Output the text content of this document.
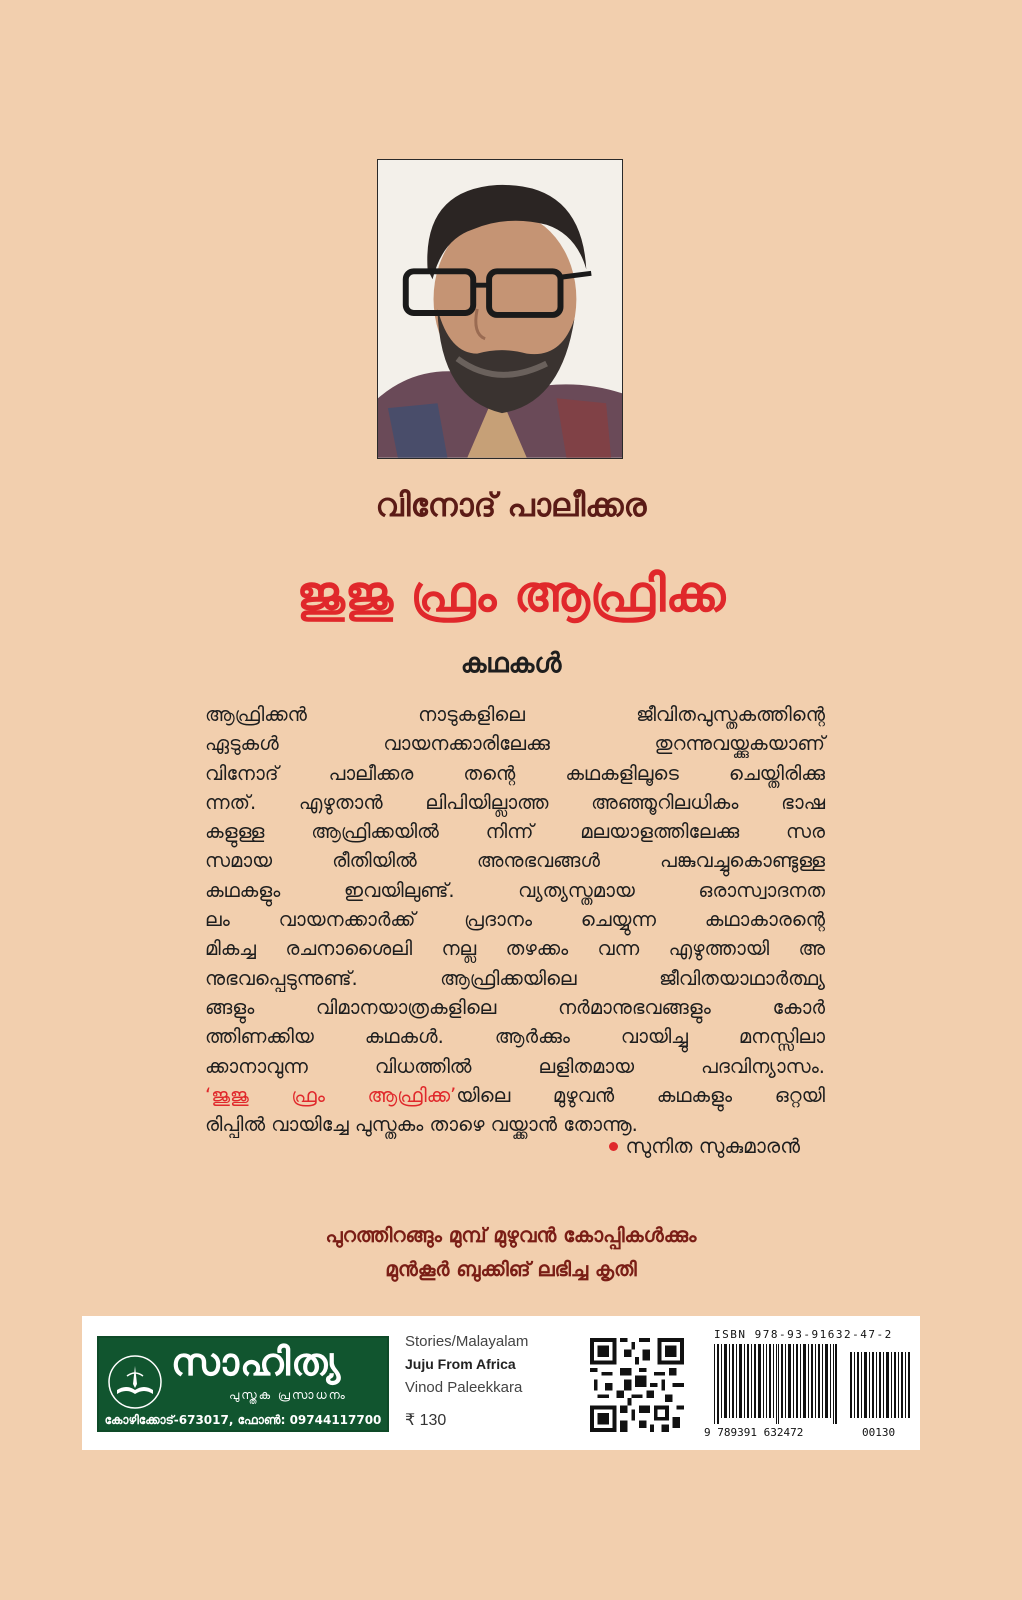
വിനോദ് പാലീക്കര
ജുജു ഫ്രം ആഫ്രിക്ക
കഥകൾ
ആഫ്രിക്കൻ നാടുകളിലെ ജീവിതപുസ്തകത്തിന്റെ
ഏടുകൾ വായനക്കാരിലേക്കു തുറന്നുവയ്ക്കുകയാണ്
വിനോദ് പാലീക്കര തന്റെ കഥകളിലൂടെ ചെയ്തിരിക്കു
ന്നത്. എഴുതാൻ ലിപിയില്ലാത്ത അഞ്ഞൂറിലധികം ഭാഷ
കളുള്ള ആഫ്രിക്കയിൽ നിന്ന് മലയാളത്തിലേക്കു സര
സമായ രീതിയിൽ അനുഭവങ്ങൾ പങ്കുവച്ചുകൊണ്ടുള്ള
കഥകളും ഇവയിലുണ്ട്. വ്യത്യസ്തമായ ഒരാസ്വാദനത
ലം വായനക്കാർക്ക് പ്രദാനം ചെയ്യുന്ന കഥാകാരന്റെ
മികച്ച രചനാശൈലി നല്ല തഴക്കം വന്ന എഴുത്തായി അ
നുഭവപ്പെടുന്നുണ്ട്. ആഫ്രിക്കയിലെ ജീവിതയാഥാർത്ഥ്യ
ങ്ങളും വിമാനയാത്രകളിലെ നർമാനുഭവങ്ങളും കോർ
ത്തിണക്കിയ കഥകൾ. ആർക്കും വായിച്ചു മനസ്സിലാ
ക്കാനാവുന്ന വിധത്തിൽ ലളിതമായ പദവിന്യാസം.
‘ജുജു ഫ്രം ആഫ്രിക്ക’യിലെ മുഴുവൻ കഥകളും ഒറ്റയി
രിപ്പിൽ വായിച്ചേ പുസ്തകം താഴെ വയ്ക്കാൻ തോന്നൂ.
സുനിത സുകുമാരൻ
പുറത്തിറങ്ങും മുമ്പ് മുഴുവൻ കോപ്പികൾക്കും
മുൻകൂർ ബുക്കിങ് ലഭിച്ച കൃതി
സാഹിത്യ
പുസ്തക പ്രസാധനം
കോഴിക്കോട്-673017, ഫോൺ: 09744117700
Stories/Malayalam
Juju From Africa
Vinod Paleekkara
₹ 130
ISBN 978-93-91632-47-2
9 789391 632472	00130
